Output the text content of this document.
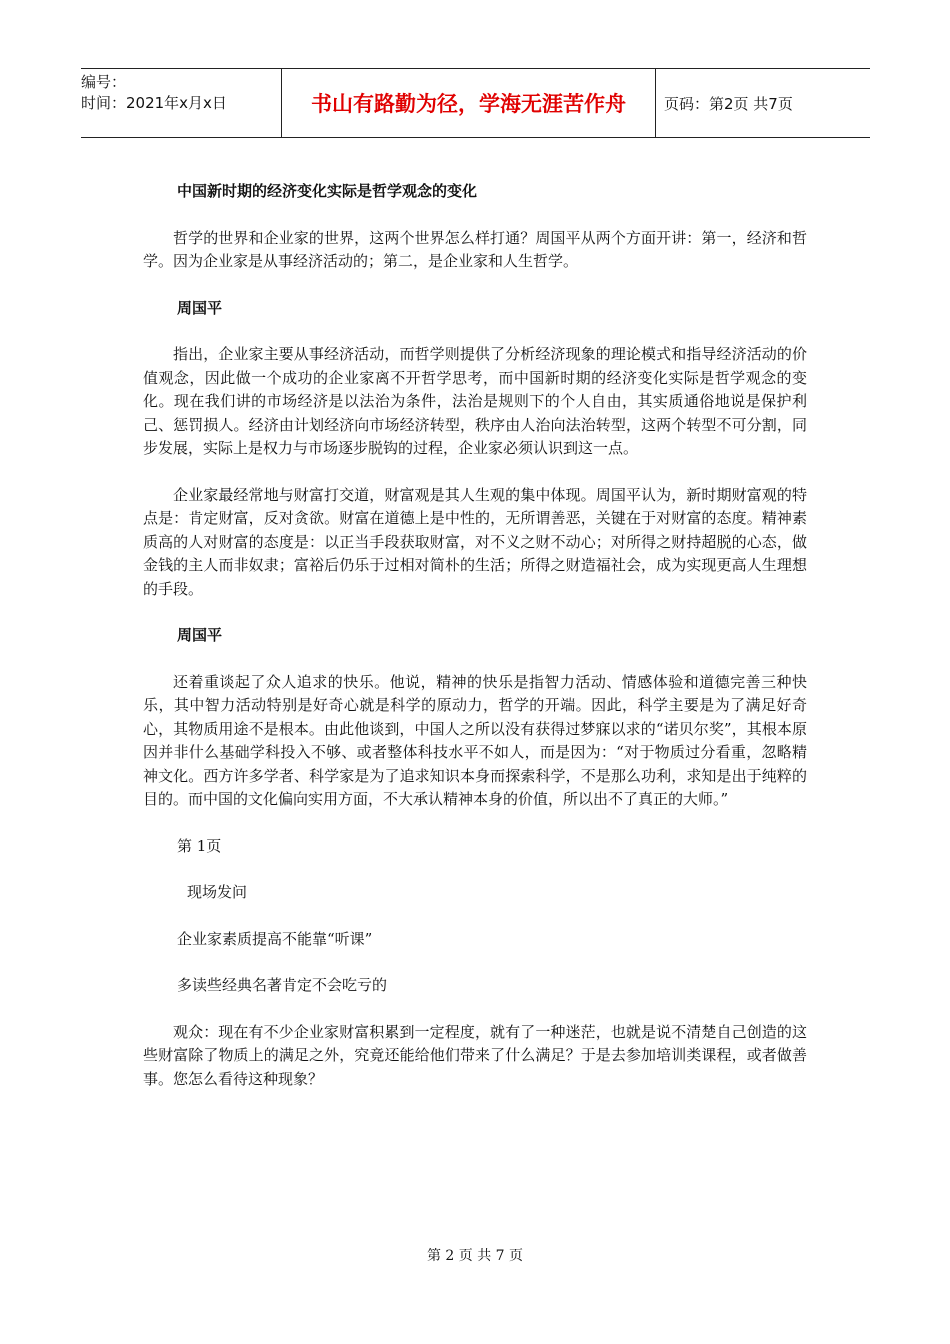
编号：
时间：2021年x月x日	书山有路勤为径，学海无涯苦作舟	页码：第2页 共7页

中国新时期的经济变化实际是哲学观念的变化

哲学的世界和企业家的世界，这两个世界怎么样打通？周国平从两个方面开讲：第一，经济和哲学。因为企业家是从事经济活动的；第二，是企业家和人生哲学。

周国平

指出，企业家主要从事经济活动，而哲学则提供了分析经济现象的理论模式和指导经济活动的价值观念，因此做一个成功的企业家离不开哲学思考，而中国新时期的经济变化实际是哲学观念的变化。现在我们讲的市场经济是以法治为条件，法治是规则下的个人自由，其实质通俗地说是保护利己、惩罚损人。经济由计划经济向市场经济转型，秩序由人治向法治转型，这两个转型不可分割，同步发展，实际上是权力与市场逐步脱钩的过程，企业家必须认识到这一点。

企业家最经常地与财富打交道，财富观是其人生观的集中体现。周国平认为，新时期财富观的特点是：肯定财富，反对贪欲。财富在道德上是中性的，无所谓善恶，关键在于对财富的态度。精神素质高的人对财富的态度是：以正当手段获取财富，对不义之财不动心；对所得之财持超脱的心态，做金钱的主人而非奴隶；富裕后仍乐于过相对简朴的生活；所得之财造福社会，成为实现更高人生理想的手段。

周国平

还着重谈起了众人追求的快乐。他说，精神的快乐是指智力活动、情感体验和道德完善三种快乐，其中智力活动特别是好奇心就是科学的原动力，哲学的开端。因此，科学主要是为了满足好奇心，其物质用途不是根本。由此他谈到，中国人之所以没有获得过梦寐以求的“诺贝尔奖”，其根本原因并非什么基础学科投入不够、或者整体科技水平不如人，而是因为：“对于物质过分看重，忽略精神文化。西方许多学者、科学家是为了追求知识本身而探索科学，不是那么功利，求知是出于纯粹的目的。而中国的文化偏向实用方面，不大承认精神本身的价值，所以出不了真正的大师。”

第 1页

现场发问

企业家素质提高不能靠“听课”

多读些经典名著肯定不会吃亏的

观众：现在有不少企业家财富积累到一定程度，就有了一种迷茫，也就是说不清楚自己创造的这些财富除了物质上的满足之外，究竟还能给他们带来了什么满足？于是去参加培训类课程，或者做善事。您怎么看待这种现象？

第 2 页 共 7 页
